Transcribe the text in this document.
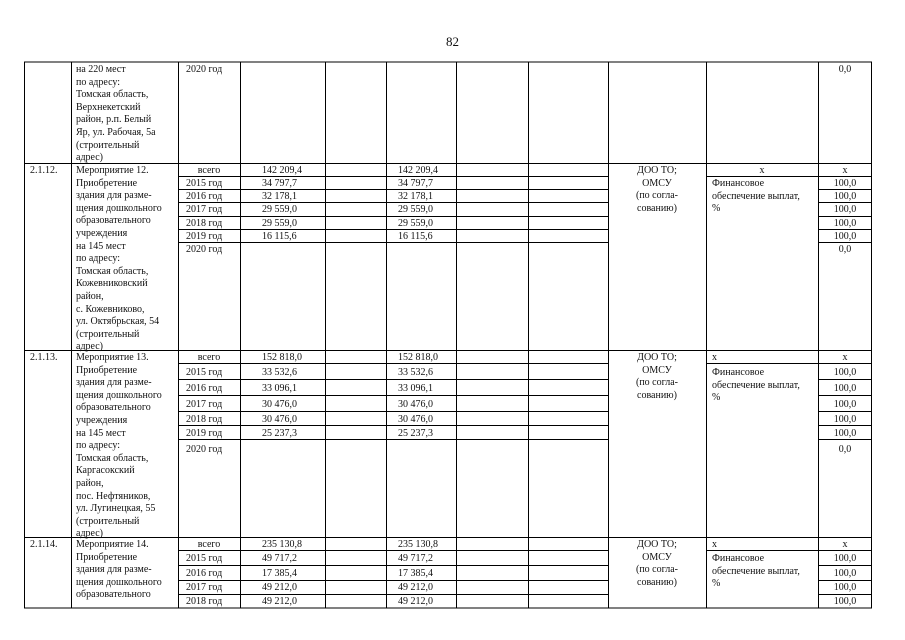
82
на 220 мест
по адресу:
Томская область,
Верхнекетский
район, р.п. Белый
Яр, ул. Рабочая, 5а
(строительный
адрес)
2020 год	0,0
2.1.12. Мероприятие 12.
Приобретение
здания для разме-
щения дошкольного
образовательного
учреждения
на 145 мест
по адресу:
Томская область,
Кожевниковский
район,
с. Кожевниково,
ул. Октябрьская, 54
(строительный
адрес)
всего
2015 год
2016 год
2017 год
2018 год
2019 год
2020 год
142 209,4
34 797,7
32 178,1
29 559,0
29 559,0
16 115,6
142 209,4
34 797,7
32 178,1
29 559,0
29 559,0
16 115,6
ДОО ТО;
ОМСУ
(по согла-
сованию)
x
Финансовое
обеспечение выплат,
%
x
100,0
100,0
100,0
100,0
100,0
0,0
2.1.13. Мероприятие 13.
Приобретение
здания для разме-
щения дошкольного
образовательного
учреждения
на 145 мест
по адресу:
Томская область,
Каргасокский
район,
пос. Нефтяников,
ул. Лугинецкая, 55
(строительный
адрес)
всего
2015 год
2016 год
2017 год
2018 год
2019 год
2020 год
152 818,0
33 532,6
33 096,1
30 476,0
30 476,0
25 237,3
152 818,0
33 532,6
33 096,1
30 476,0
30 476,0
25 237,3
ДОО ТО;
ОМСУ
(по согла-
сованию)
x
Финансовое
обеспечение выплат,
%
x
100,0
100,0
100,0
100,0
100,0
0,0
2.1.14. Мероприятие 14.
Приобретение
здания для разме-
щения дошкольного
образовательного
всего
2015 год
2016 год
2017 год
2018 год
235 130,8
49 717,2
17 385,4
49 212,0
49 212,0
235 130,8
49 717,2
17 385,4
49 212,0
49 212,0
ДОО ТО;
ОМСУ
(по согла-
сованию)
x
Финансовое
обеспечение выплат,
%
x
100,0
100,0
100,0
100,0
